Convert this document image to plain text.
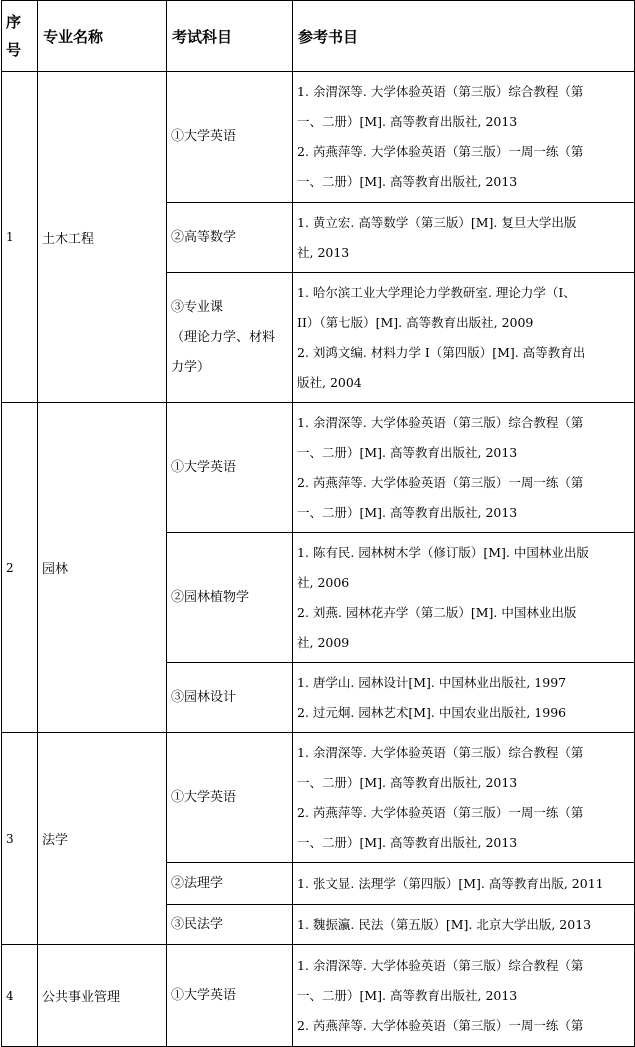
序
号	专业名称	考试科目	参考书目
1	土木工程	①大学英语	1. 余渭深等. 大学体验英语（第三版）综合教程（第
一、二册）[M]. 高等教育出版社, 2013
2. 芮燕萍等. 大学体验英语（第三版）一周一练（第
一、二册）[M]. 高等教育出版社, 2013

		②高等数学	1. 黄立宏. 高等数学（第三版）[M]. 复旦大学出版
社, 2013

		③专业课
（理论力学、材料
力学）	1. 哈尔滨工业大学理论力学教研室. 理论力学（I、
II）（第七版）[M]. 高等教育出版社, 2009
2. 刘鸿文编. 材料力学 I（第四版）[M]. 高等教育出
版社, 2004

2	园林	①大学英语	1. 余渭深等. 大学体验英语（第三版）综合教程（第
一、二册）[M]. 高等教育出版社, 2013
2. 芮燕萍等. 大学体验英语（第三版）一周一练（第
一、二册）[M]. 高等教育出版社, 2013

		②园林植物学	1. 陈有民. 园林树木学（修订版）[M]. 中国林业出版
社, 2006
2. 刘燕. 园林花卉学（第二版）[M]. 中国林业出版
社, 2009

		③园林设计	1. 唐学山. 园林设计[M]. 中国林业出版社, 1997
2. 过元炯. 园林艺术[M]. 中国农业出版社, 1996

3	法学	①大学英语	1. 余渭深等. 大学体验英语（第三版）综合教程（第
一、二册）[M]. 高等教育出版社, 2013
2. 芮燕萍等. 大学体验英语（第三版）一周一练（第
一、二册）[M]. 高等教育出版社, 2013

		②法理学	1. 张文显. 法理学（第四版）[M]. 高等教育出版, 2011

		③民法学	1. 魏振瀛. 民法（第五版）[M]. 北京大学出版, 2013

4	公共事业管理	①大学英语	1. 余渭深等. 大学体验英语（第三版）综合教程（第
一、二册）[M]. 高等教育出版社, 2013
2. 芮燕萍等. 大学体验英语（第三版）一周一练（第
